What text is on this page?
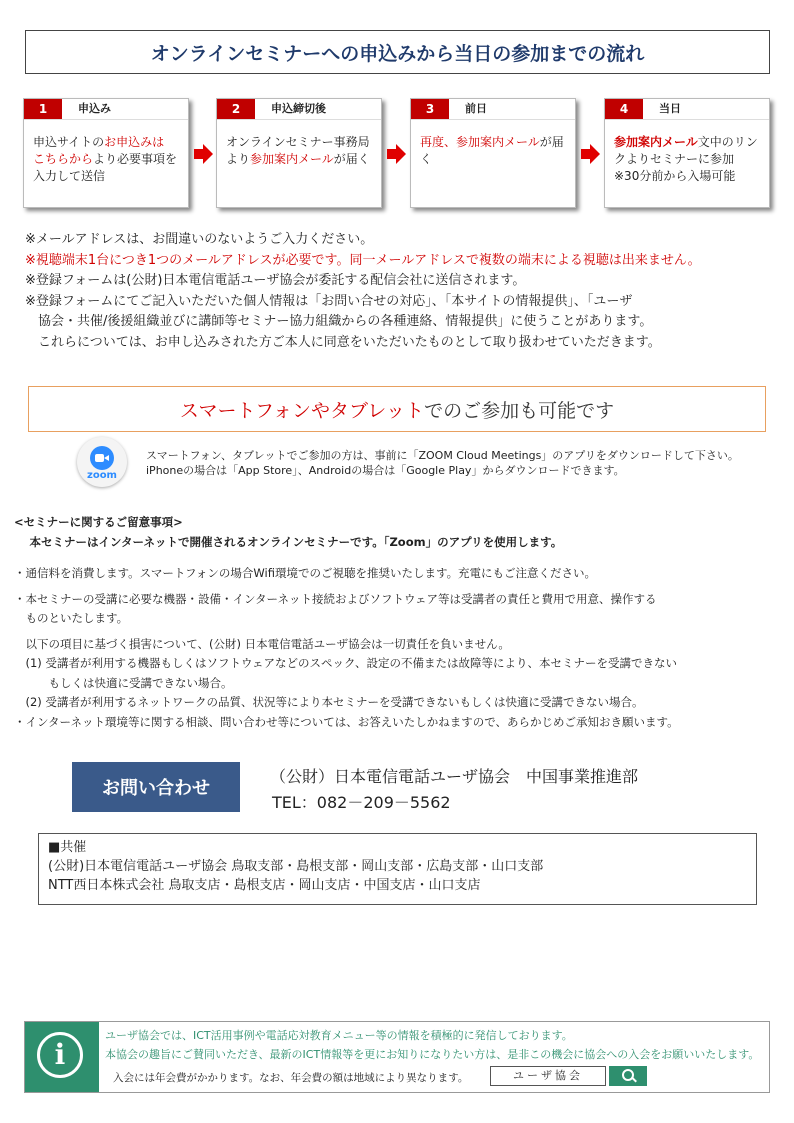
オンラインセミナーへの申込みから当日の参加までの流れ
1	申込み
申込サイトのお申込みは
こちらからより必要事項を入力して送信
2	申込締切後
オンラインセミナー事務局より参加案内メールが届く
3	前日
再度、参加案内メールが届く
4	当日
参加案内メール文中のリンクよりセミナーに参加
※30分前から入場可能

※メールアドレスは、お間違いのないようご入力ください。

※視聴端末1台につき1つのメールアドレスが必要です。同一メールアドレスで複数の端末による視聴は出来ません。

※登録フォームは(公財)日本電信電話ユーザ協会が委託する配信会社に送信されます。

※登録フォームにてご記入いただいた個人情報は「お問い合せの対応」、「本サイトの情報提供」、「ユーザ

　協会・共催/後援組織並びに講師等セミナー協力組織からの各種連絡、情報提供」に使うことがあります。

　これらについては、お申し込みされた方ご本人に同意をいただいたものとして取り扱わせていただきます。

スマートフォンやタブレット でのご参加も可能です
zoom
スマートフォン、タブレットでご参加の方は、事前に「ZOOM Cloud Meetings」のアプリをダウンロードして下さい。
iPhoneの場合は「App Store」、Androidの場合は「Google Play」からダウンロードできます。

<セミナーに関するご留意事項>

　 本セミナーはインターネットで開催されるオンラインセミナーです。「Zoom」のアプリを使用します。

・通信料を消費します。スマートフォンの場合Wifi環境でのご視聴を推奨いたします。充電にもご注意ください。

・本セミナーの受講に必要な機器・設備・インターネット接続およびソフトウェア等は受講者の責任と費用で用意、操作する

　ものといたします。

　以下の項目に基づく損害について、(公財) 日本電信電話ユーザ協会は一切責任を負いません。

　(1) 受講者が利用する機器もしくはソフトウェアなどのスペック、設定の不備または故障等により、本セミナーを受講できない

　　　もしくは快適に受講できない場合。

　(2) 受講者が利用するネットワークの品質、状況等により本セミナーを受講できないもしくは快適に受講できない場合。

・インターネット環境等に関する相談、問い合わせ等については、お答えいたしかねますので、あらかじめご承知おき願います。

お問い合わせ
（公財）日本電信電話ユーザ協会　中国事業推進部
TEL：082－209－5562

■共催

(公財)日本電信電話ユーザ協会 鳥取支部・島根支部・岡山支部・広島支部・山口支部

NTT西日本株式会社 鳥取支店・島根支店・岡山支店・中国支店・山口支店

i
ユーザ協会では、ICT活用事例や電話応対教育メニュー等の情報を積極的に発信しております。
本協会の趣旨にご賛同いただき、最新のICT情報等を更にお知りになりたい方は、是非この機会に協会への入会をお願いいたします。
入会には年会費がかかります。なお、年会費の額は地域により異なります。	ユーザ協会
